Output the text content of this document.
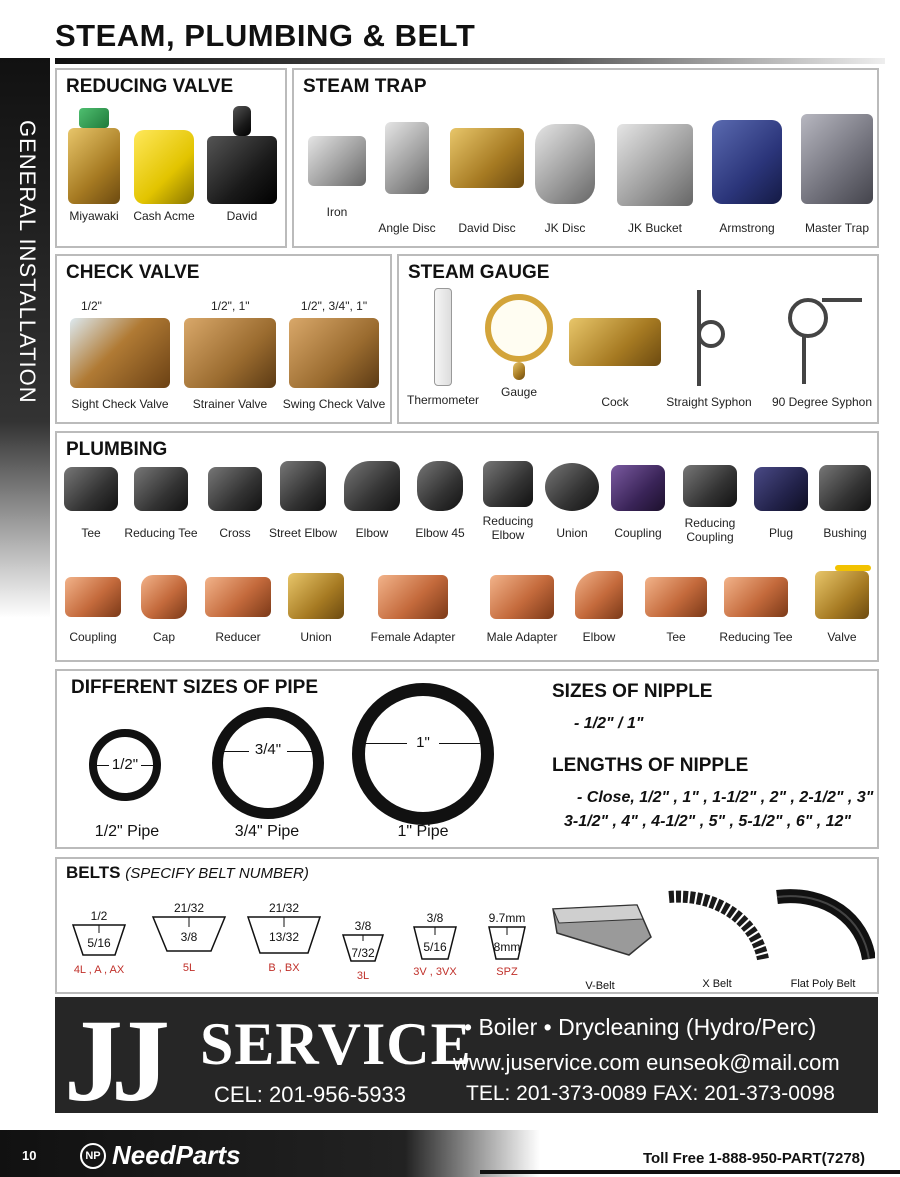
STEAM, PLUMBING & BELT
GENERAL INSTALLATION
REDUCING VALVE
Miyawaki	Cash Acme	David
STEAM TRAP
Iron
Angle Disc	David Disc	JK Disc	JK Bucket	Armstrong	Master Trap
CHECK VALVE
1/2"
Sight Check Valve
1/2", 1"
Strainer Valve
1/2", 3/4", 1"
Swing Check Valve
STEAM GAUGE
Thermometer
Gauge
Cock	Straight Syphon	90 Degree Syphon
PLUMBING
Tee	Reducing Tee	Cross	Street Elbow	Elbow	Elbow 45
Reducing Elbow	Union	Coupling
Reducing Coupling	Plug	Bushing
Coupling	Cap	Reducer	Union	Female Adapter	Male Adapter	Elbow	Tee	Reducing Tee	Valve
DIFFERENT SIZES OF PIPE
1/2"
1/2" Pipe
3/4"
3/4" Pipe
1"
1" Pipe
SIZES OF NIPPLE
- 1/2" / 1"
LENGTHS OF NIPPLE
- Close, 1/2" , 1" , 1-1/2" , 2" , 2-1/2" , 3"
3-1/2" , 4" , 4-1/2" , 5" , 5-1/2" , 6" , 12"
BELTS (SPECIFY BELT NUMBER)
1/2
5/16
4L , A , AX
21/32
3/8
5L
21/32
13/32
B , BX
3/8
7/32
3L
3/8
5/16
3V , 3VX
9.7mm
8mm
SPZ
V-Belt	X Belt	Flat Poly Belt
JJ SERVICE
• Boiler • Drycleaning (Hydro/Perc)
www.juservice.com eunseok@mail.com
CEL: 201-956-5933	TEL: 201-373-0089 FAX: 201-373-0098
10	NP NeedParts	Toll Free 1-888-950-PART(7278)
